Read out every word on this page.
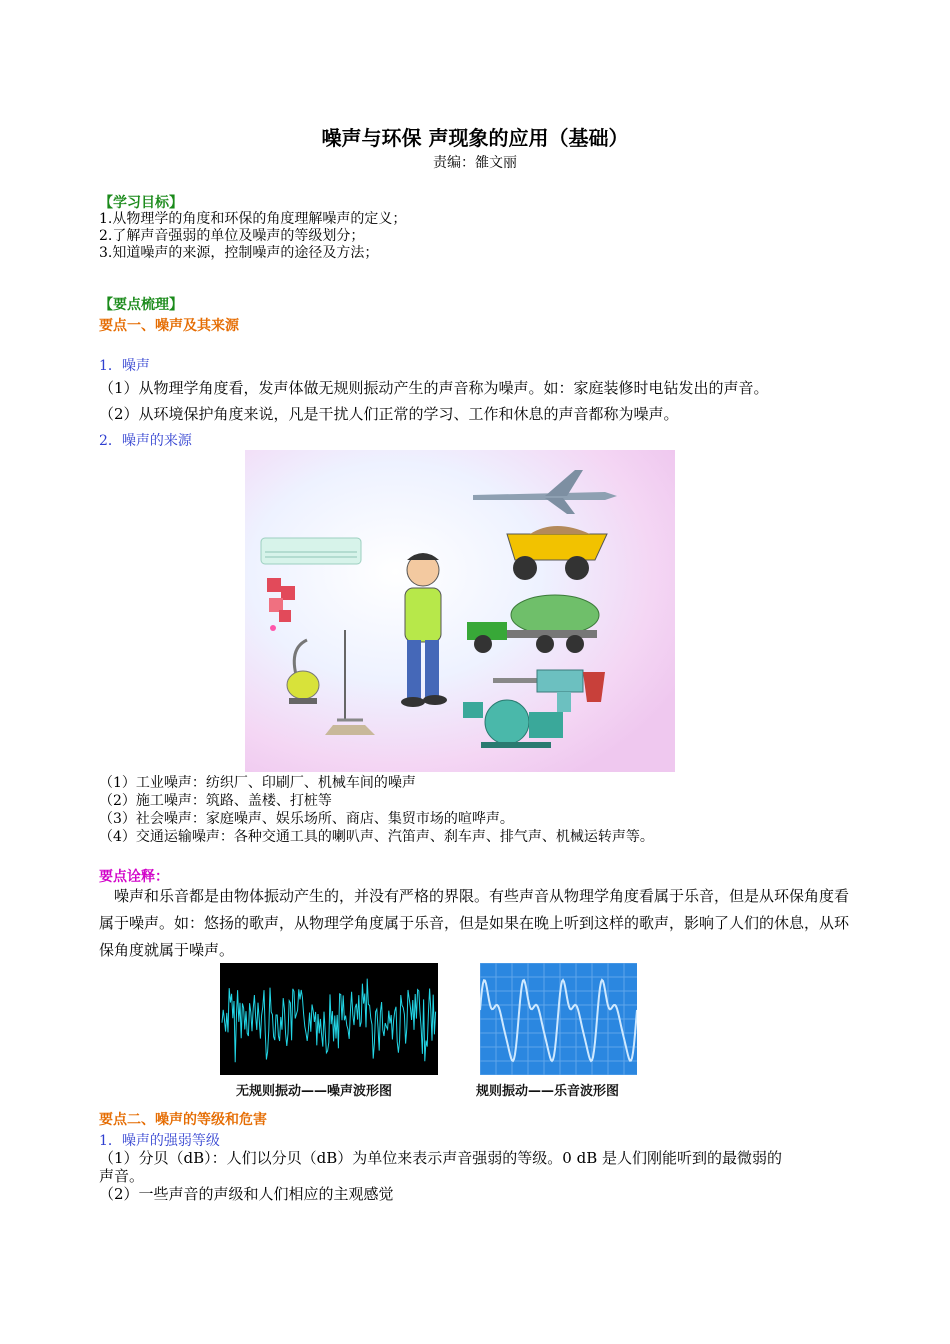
噪声与环保 声现象的应用（基础）
责编：雒文丽
【学习目标】
1.从物理学的角度和环保的角度理解噪声的定义；
2.了解声音强弱的单位及噪声的等级划分；
3.知道噪声的来源，控制噪声的途径及方法；
【要点梳理】
要点一、噪声及其来源
1．噪声
（1）从物理学角度看，发声体做无规则振动产生的声音称为噪声。如：家庭装修时电钻发出的声音。
（2）从环境保护角度来说，凡是干扰人们正常的学习、工作和休息的声音都称为噪声。
2．噪声的来源
（1）工业噪声：纺织厂、印刷厂、机械车间的噪声
（2）施工噪声：筑路、盖楼、打桩等
（3）社会噪声：家庭噪声、娱乐场所、商店、集贸市场的喧哗声。
（4）交通运输噪声：各种交通工具的喇叭声、汽笛声、刹车声、排气声、机械运转声等。
要点诠释：
噪声和乐音都是由物体振动产生的，并没有严格的界限。有些声音从物理学角度看属于乐音，但是从环保角度看属于噪声。如：悠扬的歌声，从物理学角度属于乐音，但是如果在晚上听到这样的歌声，影响了人们的休息，从环保角度就属于噪声。
无规则振动——噪声波形图	规则振动——乐音波形图
要点二、噪声的等级和危害
1．噪声的强弱等级
（1）分贝（dB）：人们以分贝（dB）为单位来表示声音强弱的等级。0 dB 是人们刚能听到的最微弱的
声音。
（2）一些声音的声级和人们相应的主观感觉
